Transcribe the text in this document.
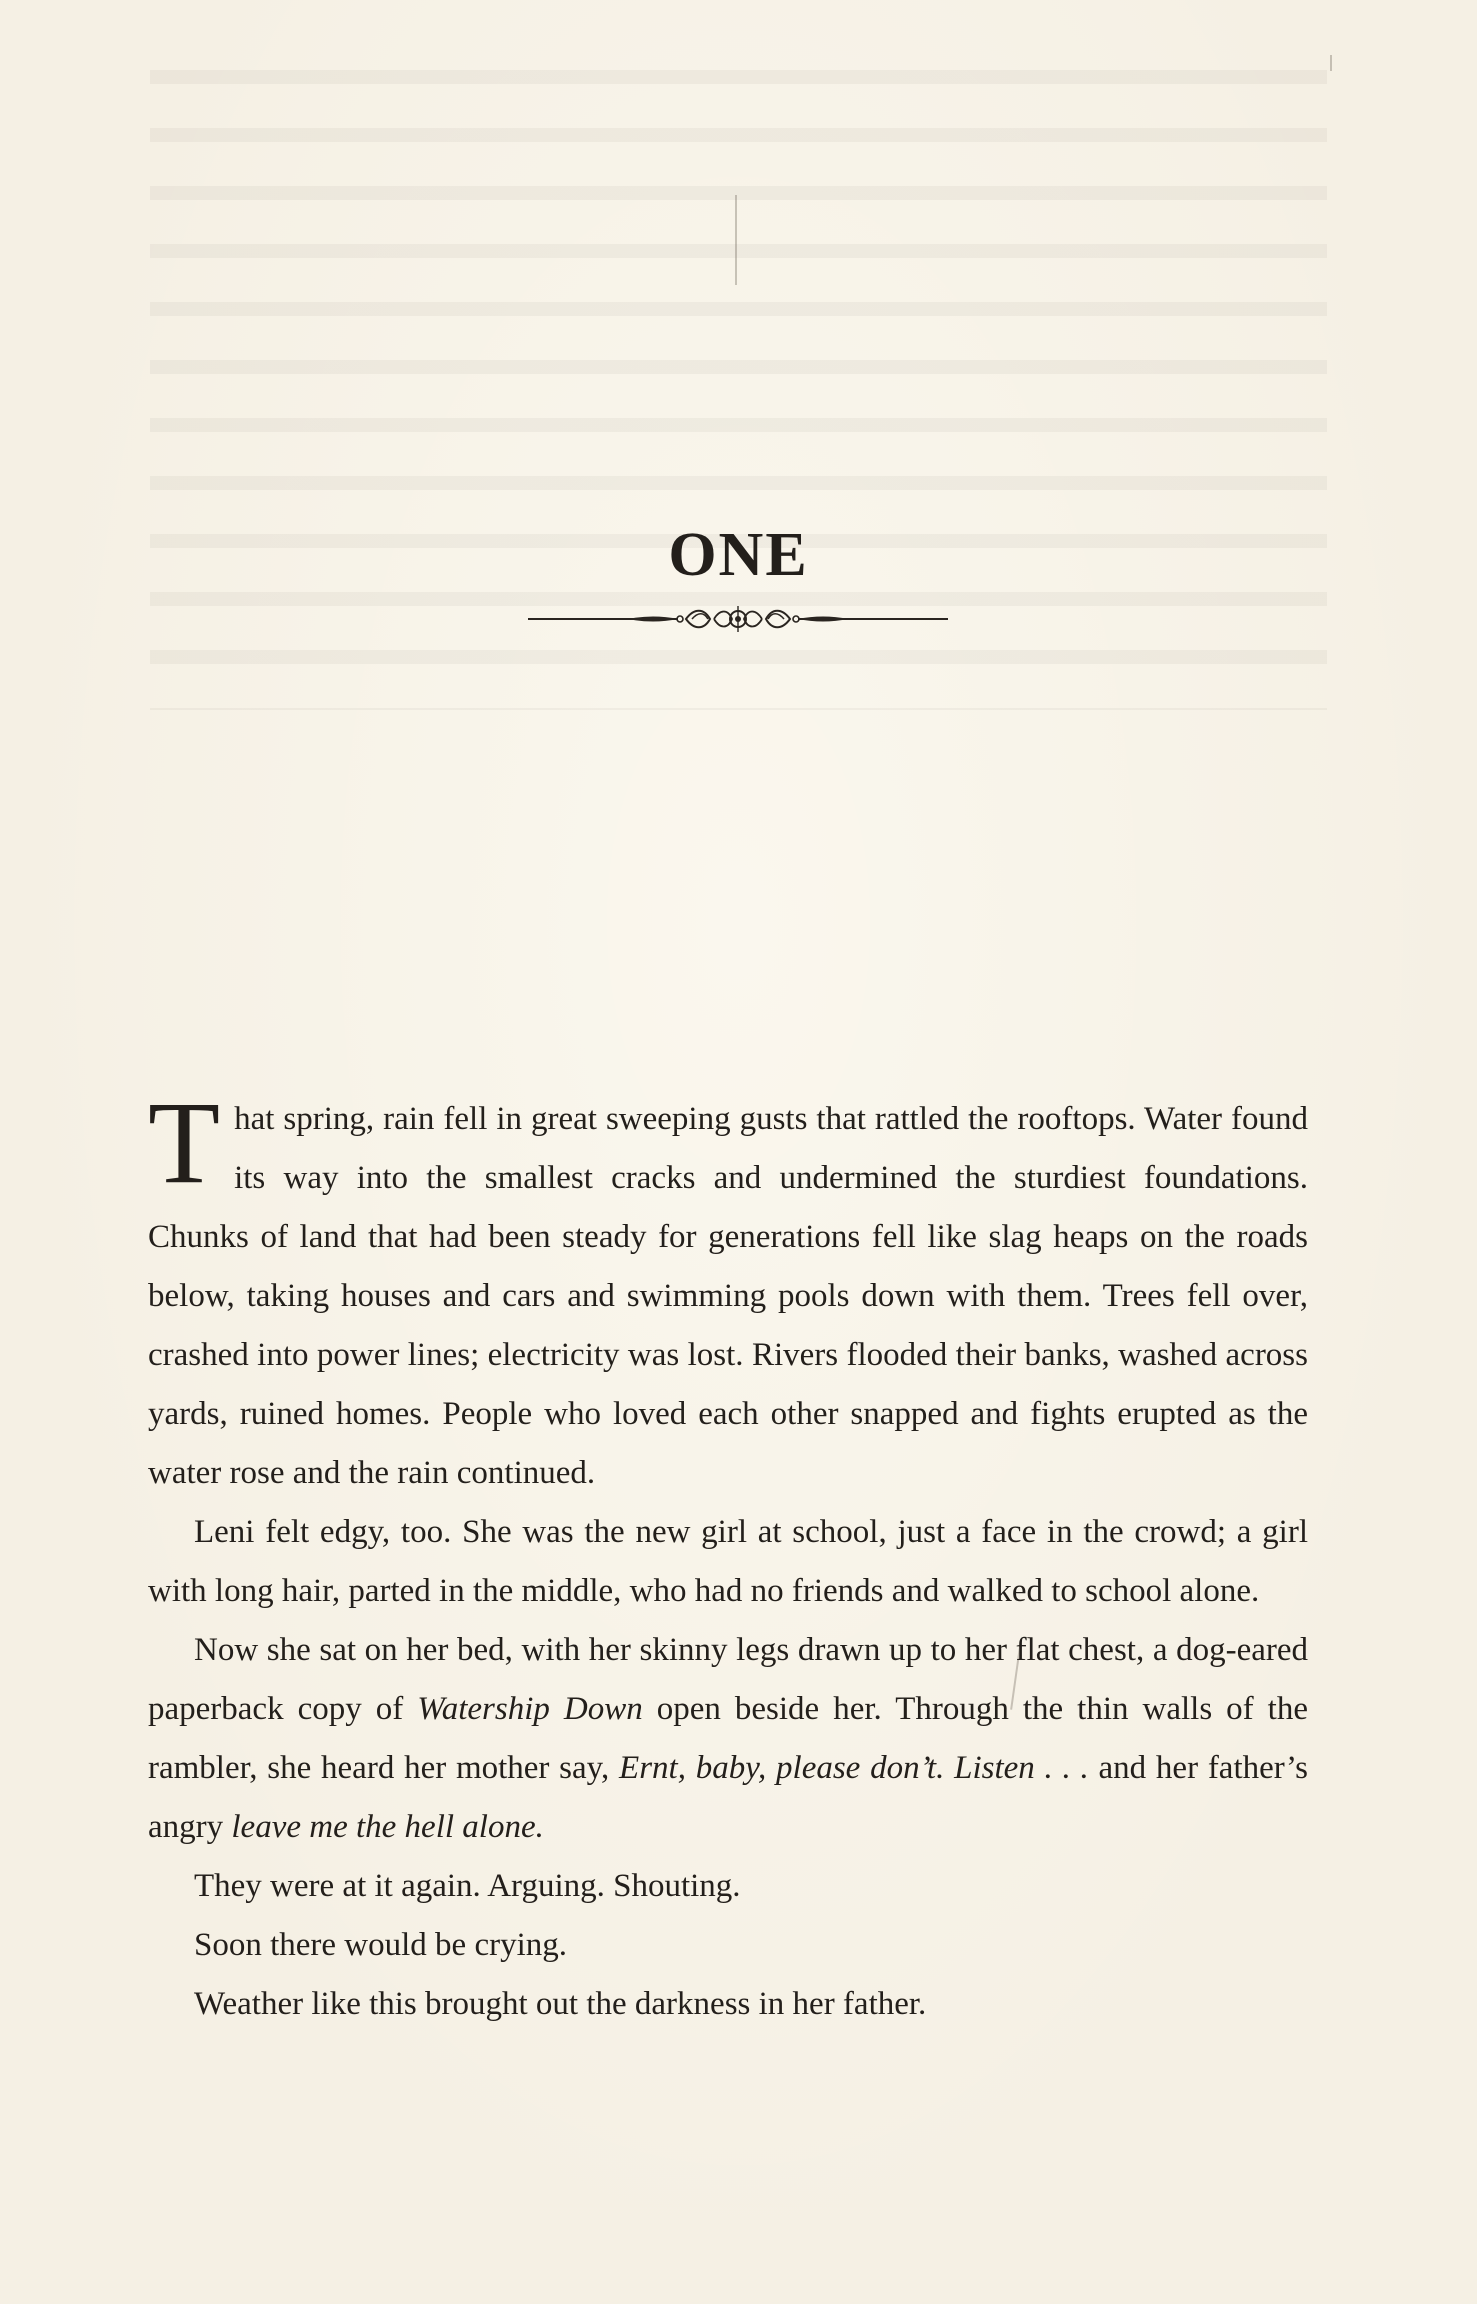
ONE

That spring, rain fell in great sweeping gusts that rattled the rooftops. Water found its way into the smallest cracks and undermined the sturdiest foundations. Chunks of land that had been steady for generations fell like slag heaps on the roads below, taking houses and cars and swimming pools down with them. Trees fell over, crashed into power lines; electricity was lost. Rivers flooded their banks, washed across yards, ruined homes. People who loved each other snapped and fights erupted as the water rose and the rain continued.

Leni felt edgy, too. She was the new girl at school, just a face in the crowd; a girl with long hair, parted in the middle, who had no friends and walked to school alone.

Now she sat on her bed, with her skinny legs drawn up to her flat chest, a dog-eared paperback copy of Watership Down open beside her. Through the thin walls of the rambler, she heard her mother say, Ernt, baby, please don’t. Listen . . . and her father’s angry leave me the hell alone.

They were at it again. Arguing. Shouting.

Soon there would be crying.

Weather like this brought out the darkness in her father.
